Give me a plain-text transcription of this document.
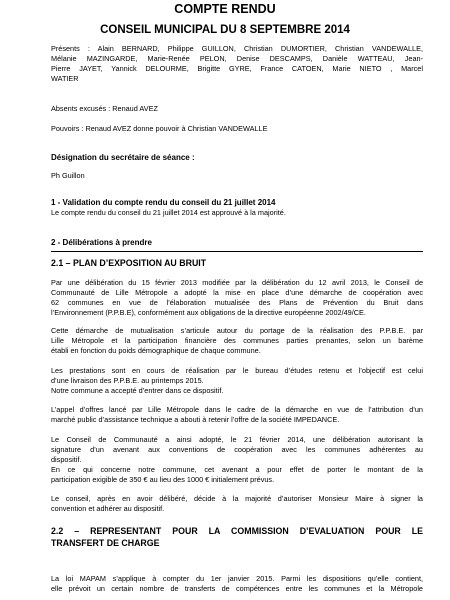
COMPTE RENDU
CONSEIL MUNICIPAL DU 8 SEPTEMBRE 2014
Présents : Alain BERNARD, Philippe GUILLON, Christian DUMORTIER, Christian VANDEWALLE,
Mélanie MAZINGARDE, Marie-Renée PELON, Denise DESCAMPS, Danièle WATTEAU, Jean-
Pierre JAYET, Yannick DELOURME, Brigitte GYRE, France CATOEN, Marie NIETO , Marcel
WATIER
Absents excusés : Renaud AVEZ
Pouvoirs : Renaud AVEZ donne pouvoir à Christian VANDEWALLE
Désignation du secrétaire de séance :
Ph Guillon
1 - Validation du compte rendu du conseil du 21 juillet 2014
Le compte rendu du conseil du 21 juillet 2014 est approuvé à la majorité.
2 - Délibérations à prendre
2.1 – PLAN D’EXPOSITION AU BRUIT
Par une délibération du 15 février 2013 modifiée par la délibération du 12 avril 2013, le Conseil de
Communauté de Lille Métropole a adopté la mise en place d’une démarche de coopération avec
62 communes en vue de l’élaboration mutualisée des Plans de Prévention du Bruit dans
l’Environnement (P.P.B.E), conformément aux obligations de la directive européenne 2002/49/CE.
Cette démarche de mutualisation s’articule autour du portage de la réalisation des P.P.B.E. par
Lille Métropole et la participation financière des communes parties prenantes, selon un barème
établi en fonction du poids démographique de chaque commune.
Les prestations sont en cours de réalisation par le bureau d’études retenu et l’objectif est celui
d’une livraison des P.P.B.E. au printemps 2015.
Notre commune a accepté d’entrer dans ce dispositif.
L’appel d’offres lancé par Lille Métropole dans le cadre de la démarche en vue de l’attribution d’un
marché public d’assistance technique a abouti à retenir l’offre de la société IMPEDANCE.
Le Conseil de Communauté a ainsi adopté, le 21 février 2014, une délibération autorisant la
signature d’un avenant aux conventions de coopération avec les communes adhérentes au
dispositif.
En ce qui concerne notre commune, cet avenant a pour effet de porter le montant de la
participation exigible de 350 € au lieu des 1000 € initialement prévus.
Le conseil, après en avoir délibéré, décide à la majorité d’autoriser Monsieur Maire à signer la
convention et adhérer au dispositif.
2.2 – REPRESENTANT POUR LA COMMISSION D’EVALUATION POUR LE
TRANSFERT DE CHARGE
La loi MAPAM s’applique à compter du 1er janvier 2015. Parmi les dispositions qu’elle contient,
elle prévoit un certain nombre de transferts de compétences entre les communes et la Métropole
